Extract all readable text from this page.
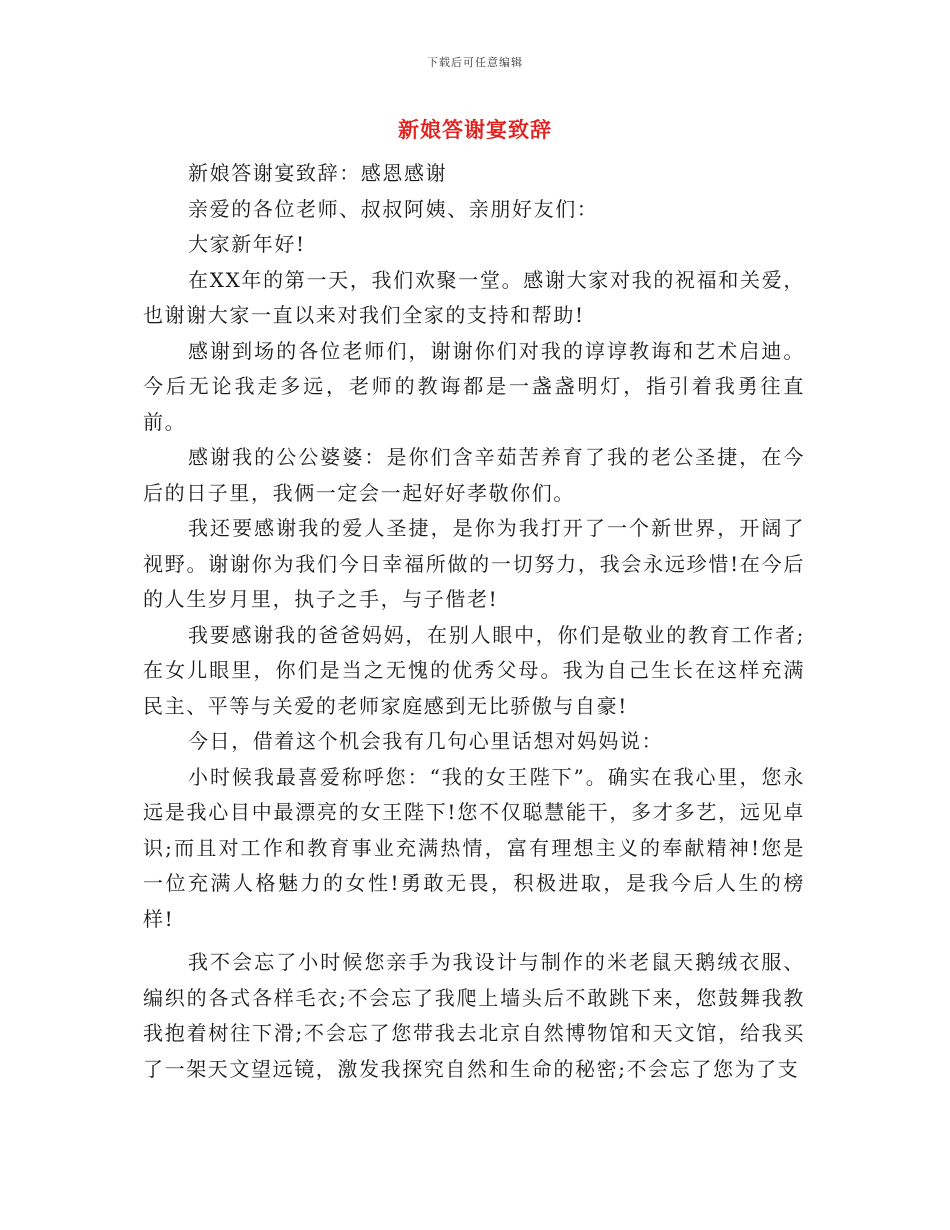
下载后可任意编辑
新娘答谢宴致辞

新娘答谢宴致辞：感恩感谢

亲爱的各位老师、叔叔阿姨、亲朋好友们：

大家新年好!

在XX年的第一天，我们欢聚一堂。感谢大家对我的祝福和关爱，也谢谢大家一直以来对我们全家的支持和帮助!

感谢到场的各位老师们，谢谢你们对我的谆谆教诲和艺术启迪。今后无论我走多远，老师的教诲都是一盏盏明灯，指引着我勇往直前。

感谢我的公公婆婆：是你们含辛茹苦养育了我的老公圣捷，在今后的日子里，我俩一定会一起好好孝敬你们。

我还要感谢我的爱人圣捷，是你为我打开了一个新世界，开阔了视野。谢谢你为我们今日幸福所做的一切努力，我会永远珍惜!在今后的人生岁月里，执子之手，与子偕老!

我要感谢我的爸爸妈妈，在别人眼中，你们是敬业的教育工作者;在女儿眼里，你们是当之无愧的优秀父母。我为自己生长在这样充满民主、平等与关爱的老师家庭感到无比骄傲与自豪!

今日，借着这个机会我有几句心里话想对妈妈说：

小时候我最喜爱称呼您：“我的女王陛下”。确实在我心里，您永远是我心目中最漂亮的女王陛下!您不仅聪慧能干，多才多艺，远见卓识;而且对工作和教育事业充满热情，富有理想主义的奉献精神!您是一位充满人格魅力的女性!勇敢无畏，积极进取，是我今后人生的榜样!

我不会忘了小时候您亲手为我设计与制作的米老鼠天鹅绒衣服、编织的各式各样毛衣;不会忘了我爬上墙头后不敢跳下来，您鼓舞我教我抱着树往下滑;不会忘了您带我去北京自然博物馆和天文馆，给我买了一架天文望远镜，激发我探究自然和生命的秘密;不会忘了您为了支
